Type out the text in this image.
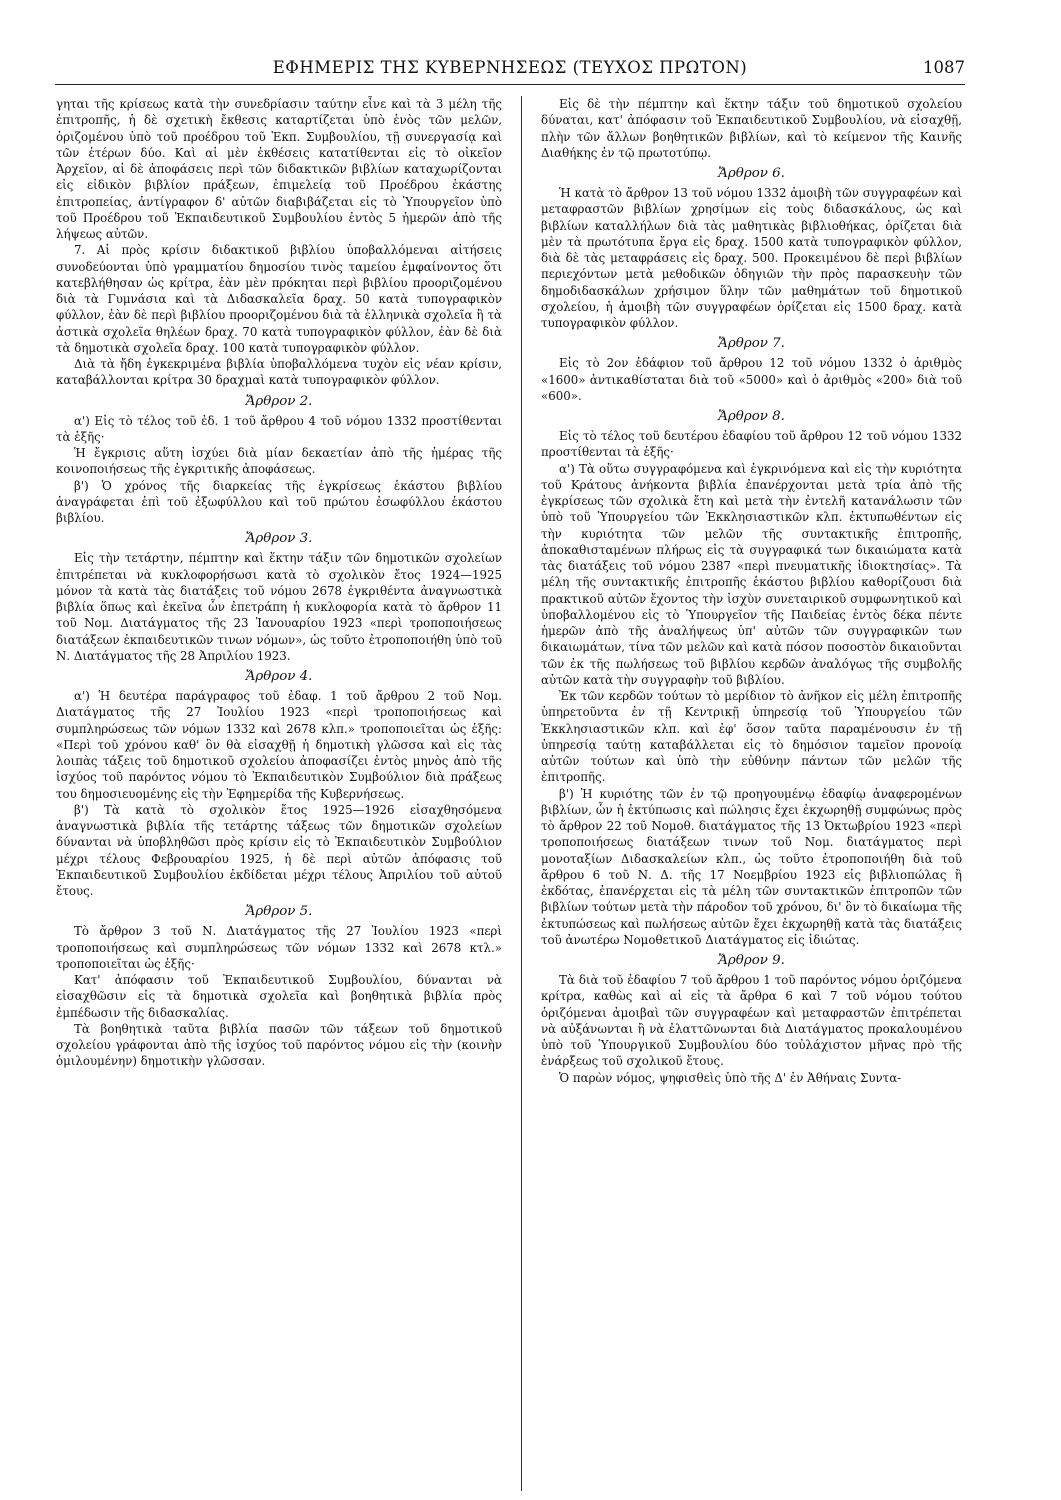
ΕΦΗΜΕΡΙΣ ΤΗΣ ΚΥΒΕΡΝΗΣΕΩΣ (ΤΕΥΧΟΣ ΠΡΩΤΟΝ)	1087

γηται τῆς κρίσεως κατὰ τὴν συνεδρίασιν ταύτην εἶνε καὶ τὰ 3 μέλη τῆς ἐπιτροπῆς, ἡ δὲ σχετικὴ ἔκθεσις καταρτίζεται ὑπὸ ἑνὸς τῶν μελῶν, ὁριζομένου ὑπὸ τοῦ προέδρου τοῦ Ἐκπ. Συμβουλίου, τῇ συνεργασίᾳ καὶ τῶν ἑτέρων δύο. Καὶ αἱ μὲν ἐκθέσεις κατατίθενται εἰς τὸ οἰκεῖον Ἀρχεῖον, αἱ δὲ ἀποφάσεις περὶ τῶν διδακτικῶν βιβλίων καταχωρίζονται εἰς εἰδικὸν βιβλίον πράξεων, ἐπιμελείᾳ τοῦ Προέδρου ἑκάστης ἐπιτροπείας, ἀντίγραφον δ' αὐτῶν διαβιβάζεται εἰς τὸ Ὑπουργεῖον ὑπὸ τοῦ Προέδρου τοῦ Ἐκπαιδευτικοῦ Συμβουλίου ἐντὸς 5 ἡμερῶν ἀπὸ τῆς λήψεως αὐτῶν.

7. Αἱ πρὸς κρίσιν διδακτικοῦ βιβλίου ὑποβαλλόμεναι αἰτήσεις συνοδεύονται ὑπὸ γραμματίου δημοσίου τινὸς ταμείου ἐμφαίνοντος ὅτι κατεβλήθησαν ὡς κρίτρα, ἐὰν μὲν πρόκηται περὶ βιβλίου προοριζομένου διὰ τὰ Γυμνάσια καὶ τὰ Διδασκαλεῖα δραχ. 50 κατὰ τυπογραφικὸν φύλλον, ἐὰν δὲ περὶ βιβλίου προοριζομένου διὰ τὰ ἑλληνικὰ σχολεῖα ἢ τὰ ἀστικὰ σχολεῖα θηλέων δραχ. 70 κατὰ τυπογραφικὸν φύλλον, ἐὰν δὲ διὰ τὰ δημοτικὰ σχολεῖα δραχ. 100 κατὰ τυπογραφικὸν φύλλον.

Διὰ τὰ ἤδη ἐγκεκριμένα βιβλία ὑποβαλλόμενα τυχὸν εἰς νέαν κρίσιν, καταβάλλονται κρίτρα 30 δραχμαὶ κατὰ τυπογραφικὸν φύλλον.

Ἄρθρον 2.

α') Εἰς τὸ τέλος τοῦ ἐδ. 1 τοῦ ἄρθρου 4 τοῦ νόμου 1332 προστίθενται τὰ ἑξῆς·

Ἡ ἔγκρισις αὕτη ἰσχύει διὰ μίαν δεκαετίαν ἀπὸ τῆς ἡμέρας τῆς κοινοποιήσεως τῆς ἐγκριτικῆς ἀποφάσεως.

β') Ὁ χρόνος τῆς διαρκείας τῆς ἐγκρίσεως ἑκάστου βιβλίου ἀναγράφεται ἐπὶ τοῦ ἐξωφύλλου καὶ τοῦ πρώτου ἐσωφύλλου ἑκάστου βιβλίου.

Ἄρθρον 3.

Εἰς τὴν τετάρτην, πέμπτην καὶ ἕκτην τάξιν τῶν δημοτικῶν σχολείων ἐπιτρέπεται νὰ κυκλοφορήσωσι κατὰ τὸ σχολικὸν ἔτος 1924—1925 μόνον τὰ κατὰ τὰς διατάξεις τοῦ νόμου 2678 ἐγκριθέντα ἀναγνωστικὰ βιβλία ὅπως καὶ ἐκεῖνα ὧν ἐπετράπη ἡ κυκλοφορία κατὰ τὸ ἄρθρον 11 τοῦ Νομ. Διατάγματος τῆς 23 Ἰανουαρίου 1923 «περὶ τροποποιήσεως διατάξεων ἐκπαιδευτικῶν τινων νόμων», ὡς τοῦτο ἐτροποποιήθη ὑπὸ τοῦ Ν. Διατάγματος τῆς 28 Ἀπριλίου 1923.

Ἄρθρον 4.

α') Ἡ δευτέρα παράγραφος τοῦ ἐδαφ. 1 τοῦ ἄρθρου 2 τοῦ Νομ. Διατάγματος τῆς 27 Ἰουλίου 1923 «περὶ τροποποιήσεως καὶ συμπληρώσεως τῶν νόμων 1332 καὶ 2678 κλπ.» τροποποιεῖται ὡς ἑξῆς: «Περὶ τοῦ χρόνου καθ' ὃν θὰ εἰσαχθῇ ἡ δημοτικὴ γλῶσσα καὶ εἰς τὰς λοιπὰς τάξεις τοῦ δημοτικοῦ σχολείου ἀποφασίζει ἐντὸς μηνὸς ἀπὸ τῆς ἰσχύος τοῦ παρόντος νόμου τὸ Ἐκπαιδευτικὸν Συμβούλιον διὰ πράξεως του δημοσιευομένης εἰς τὴν Ἐφημερίδα τῆς Κυβερνήσεως.

β') Τὰ κατὰ τὸ σχολικὸν ἔτος 1925—1926 εἰσαχθησόμενα ἀναγνωστικὰ βιβλία τῆς τετάρτης τάξεως τῶν δημοτικῶν σχολείων δύνανται νὰ ὑποβληθῶσι πρὸς κρίσιν εἰς τὸ Ἐκπαιδευτικὸν Συμβούλιον μέχρι τέλους Φεβρουαρίου 1925, ἡ δὲ περὶ αὐτῶν ἀπόφασις τοῦ Ἐκπαιδευτικοῦ Συμβουλίου ἐκδίδεται μέχρι τέλους Ἀπριλίου τοῦ αὐτοῦ ἔτους.

Ἄρθρον 5.

Τὸ ἄρθρον 3 τοῦ Ν. Διατάγματος τῆς 27 Ἰουλίου 1923 «περὶ τροποποιήσεως καὶ συμπληρώσεως τῶν νόμων 1332 καὶ 2678 κτλ.» τροποποιεῖται ὡς ἑξῆς·

Κατ' ἀπόφασιν τοῦ Ἐκπαιδευτικοῦ Συμβουλίου, δύνανται νὰ εἰσαχθῶσιν εἰς τὰ δημοτικὰ σχολεῖα καὶ βοηθητικὰ βιβλία πρὸς ἐμπέδωσιν τῆς διδασκαλίας.

Τὰ βοηθητικὰ ταῦτα βιβλία πασῶν τῶν τάξεων τοῦ δημοτικοῦ σχολείου γράφονται ἀπὸ τῆς ἰσχύος τοῦ παρόντος νόμου εἰς τὴν (κοινὴν ὁμιλουμένην) δημοτικὴν γλῶσσαν.

Εἰς δὲ τὴν πέμπτην καὶ ἕκτην τάξιν τοῦ δημοτικοῦ σχολείου δύναται, κατ' ἀπόφασιν τοῦ Ἐκπαιδευτικοῦ Συμβουλίου, νὰ εἰσαχθῇ, πλὴν τῶν ἄλλων βοηθητικῶν βιβλίων, καὶ τὸ κείμενον τῆς Καινῆς Διαθήκης ἐν τῷ πρωτοτύπῳ.

Ἄρθρον 6.

Ἡ κατὰ τὸ ἄρθρον 13 τοῦ νόμου 1332 ἀμοιβὴ τῶν συγγραφέων καὶ μεταφραστῶν βιβλίων χρησίμων εἰς τοὺς διδασκάλους, ὡς καὶ βιβλίων καταλλήλων διὰ τὰς μαθητικὰς βιβλιοθήκας, ὁρίζεται διὰ μὲν τὰ πρωτότυπα ἔργα εἰς δραχ. 1500 κατὰ τυπογραφικὸν φύλλον, διὰ δὲ τὰς μεταφράσεις εἰς δραχ. 500. Προκειμένου δὲ περὶ βιβλίων περιεχόντων μετὰ μεθοδικῶν ὁδηγιῶν τὴν πρὸς παρασκευὴν τῶν δημοδιδασκάλων χρήσιμον ὕλην τῶν μαθημάτων τοῦ δημοτικοῦ σχολείου, ἡ ἀμοιβὴ τῶν συγγραφέων ὁρίζεται εἰς 1500 δραχ. κατὰ τυπογραφικὸν φύλλον.

Ἄρθρον 7.

Εἰς τὸ 2ον ἐδάφιον τοῦ ἄρθρου 12 τοῦ νόμου 1332 ὁ ἀριθμὸς «1600» ἀντικαθίσταται διὰ τοῦ «5000» καὶ ὁ ἀριθμὸς «200» διὰ τοῦ «600».

Ἄρθρον 8.

Εἰς τὸ τέλος τοῦ δευτέρου ἐδαφίου τοῦ ἄρθρου 12 τοῦ νόμου 1332 προστίθενται τὰ ἑξῆς·

α') Τὰ οὕτω συγγραφόμενα καὶ ἐγκρινόμενα καὶ εἰς τὴν κυριότητα τοῦ Κράτους ἀνήκοντα βιβλία ἐπανέρχονται μετὰ τρία ἀπὸ τῆς ἐγκρίσεως τῶν σχολικὰ ἔτη καὶ μετὰ τὴν ἐντελῆ κατανάλωσιν τῶν ὑπὸ τοῦ Ὑπουργείου τῶν Ἐκκλησιαστικῶν κλπ. ἐκτυπωθέντων εἰς τὴν κυριότητα τῶν μελῶν τῆς συντακτικῆς ἐπιτροπῆς, ἀποκαθισταμένων πλήρως εἰς τὰ συγγραφικά των δικαιώματα κατὰ τὰς διατάξεις τοῦ νόμου 2387 «περὶ πνευματικῆς ἰδιοκτησίας». Τὰ μέλη τῆς συντακτικῆς ἐπιτροπῆς ἑκάστου βιβλίου καθορίζουσι διὰ πρακτικοῦ αὐτῶν ἔχοντος τὴν ἰσχὺν συνεταιρικοῦ συμφωνητικοῦ καὶ ὑποβαλλομένου εἰς τὸ Ὑπουργεῖον τῆς Παιδείας ἐντὸς δέκα πέντε ἡμερῶν ἀπὸ τῆς ἀναλήψεως ὑπ' αὐτῶν τῶν συγγραφικῶν των δικαιωμάτων, τίνα τῶν μελῶν καὶ κατὰ πόσον ποσοστὸν δικαιοῦνται τῶν ἐκ τῆς πωλήσεως τοῦ βιβλίου κερδῶν ἀναλόγως τῆς συμβολῆς αὐτῶν κατὰ τὴν συγγραφὴν τοῦ βιβλίου.

Ἐκ τῶν κερδῶν τούτων τὸ μερίδιον τὸ ἀνῆκον εἰς μέλη ἐπιτροπῆς ὑπηρετοῦντα ἐν τῇ Κεντρικῇ ὑπηρεσίᾳ τοῦ Ὑπουργείου τῶν Ἐκκλησιαστικῶν κλπ. καὶ ἐφ' ὅσον ταῦτα παραμένουσιν ἐν τῇ ὑπηρεσίᾳ ταύτῃ καταβάλλεται εἰς τὸ δημόσιον ταμεῖον προνοίᾳ αὐτῶν τούτων καὶ ὑπὸ τὴν εὐθύνην πάντων τῶν μελῶν τῆς ἐπιτροπῆς.

β') Ἡ κυριότης τῶν ἐν τῷ προηγουμένῳ ἐδαφίῳ ἀναφερομένων βιβλίων, ὧν ἡ ἐκτύπωσις καὶ πώλησις ἔχει ἐκχωρηθῇ συμφώνως πρὸς τὸ ἄρθρον 22 τοῦ Νομοθ. διατάγματος τῆς 13 Ὀκτωβρίου 1923 «περὶ τροποποιήσεως διατάξεων τινων τοῦ Νομ. διατάγματος περὶ μονοταξίων Διδασκαλείων κλπ., ὡς τοῦτο ἐτροποποιήθη διὰ τοῦ ἄρθρου 6 τοῦ Ν. Δ. τῆς 17 Νοεμβρίου 1923 εἰς βιβλιοπώλας ἢ ἐκδότας, ἐπανέρχεται εἰς τὰ μέλη τῶν συντακτικῶν ἐπιτροπῶν τῶν βιβλίων τούτων μετὰ τὴν πάροδον τοῦ χρόνου, δι' ὃν τὸ δικαίωμα τῆς ἐκτυπώσεως καὶ πωλήσεως αὐτῶν ἔχει ἐκχωρηθῇ κατὰ τὰς διατάξεις τοῦ ἀνωτέρω Νομοθετικοῦ Διατάγματος εἰς ἰδιώτας.

Ἄρθρον 9.

Τὰ διὰ τοῦ ἐδαφίου 7 τοῦ ἄρθρου 1 τοῦ παρόντος νόμου ὁριζόμενα κρίτρα, καθὼς καὶ αἱ εἰς τὰ ἄρθρα 6 καὶ 7 τοῦ νόμου τούτου ὁριζόμεναι ἀμοιβαὶ τῶν συγγραφέων καὶ μεταφραστῶν ἐπιτρέπεται νὰ αὐξάνωνται ἢ νὰ ἐλαττῶνωνται διὰ Διατάγματος προκαλουμένου ὑπὸ τοῦ Ὑπουργικοῦ Συμβουλίου δύο τοὐλάχιστον μῆνας πρὸ τῆς ἐνάρξεως τοῦ σχολικοῦ ἔτους.

Ὁ παρὼν νόμος, ψηφισθεὶς ὑπὸ τῆς Δ' ἐν Ἀθήναις Συντα-
